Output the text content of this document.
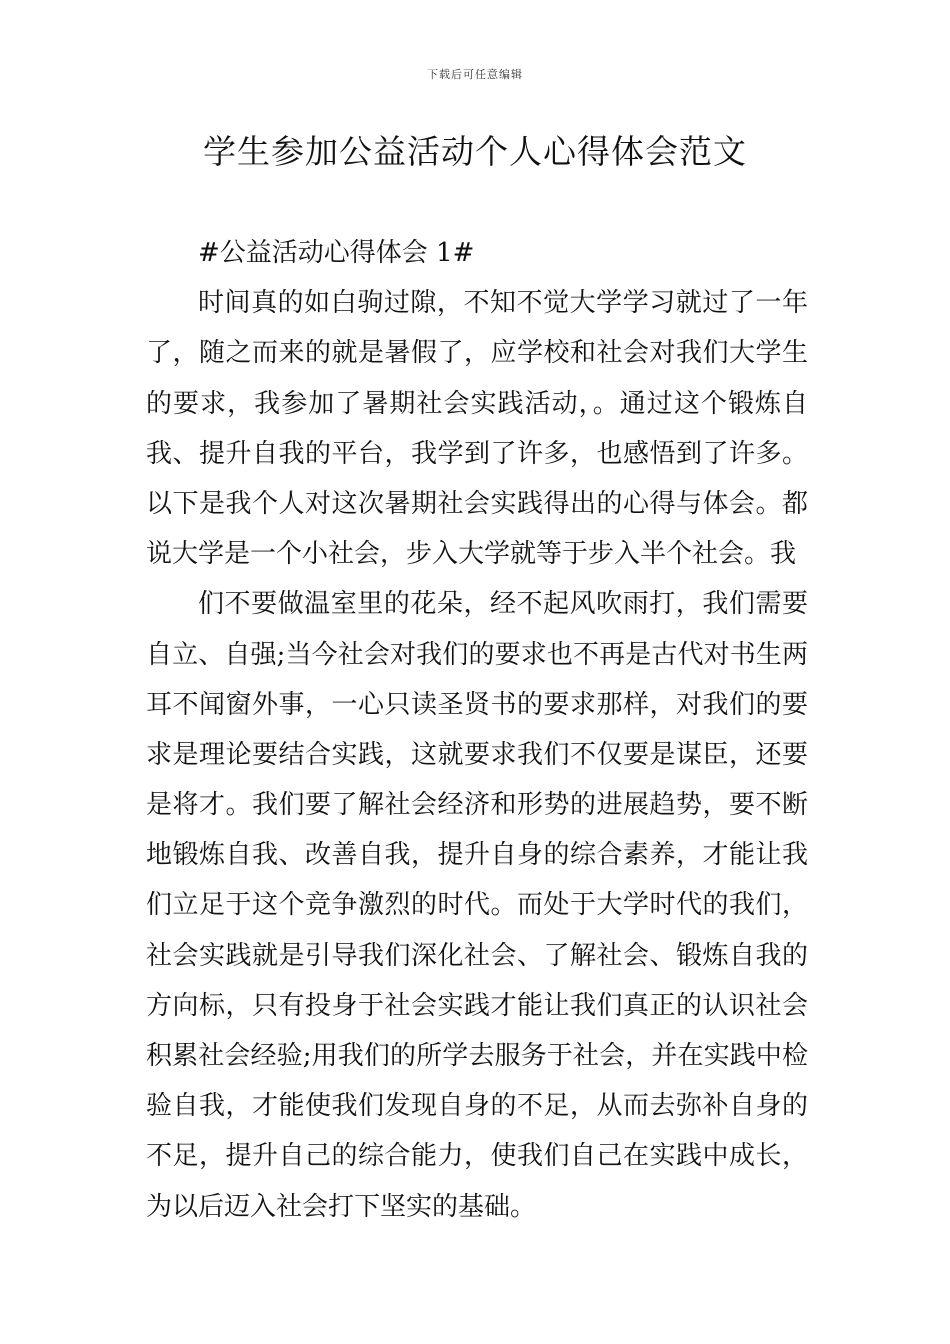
下载后可任意编辑
学生参加公益活动个人心得体会范文
#公益活动心得体会 1#
时间真的如白驹过隙，不知不觉大学学习就过了一年
了，随之而来的就是暑假了，应学校和社会对我们大学生
的要求，我参加了暑期社会实践活动，。通过这个锻炼自
我、提升自我的平台，我学到了许多，也感悟到了许多。
以下是我个人对这次暑期社会实践得出的心得与体会。都
说大学是一个小社会，步入大学就等于步入半个社会。我
们不要做温室里的花朵，经不起风吹雨打，我们需要
自立、自强;当今社会对我们的要求也不再是古代对书生两
耳不闻窗外事，一心只读圣贤书的要求那样，对我们的要
求是理论要结合实践，这就要求我们不仅要是谋臣，还要
是将才。我们要了解社会经济和形势的进展趋势，要不断
地锻炼自我、改善自我，提升自身的综合素养，才能让我
们立足于这个竞争激烈的时代。而处于大学时代的我们，
社会实践就是引导我们深化社会、了解社会、锻炼自我的
方向标，只有投身于社会实践才能让我们真正的认识社会
积累社会经验;用我们的所学去服务于社会，并在实践中检
验自我，才能使我们发现自身的不足，从而去弥补自身的
不足，提升自己的综合能力，使我们自己在实践中成长，
为以后迈入社会打下坚实的基础。
